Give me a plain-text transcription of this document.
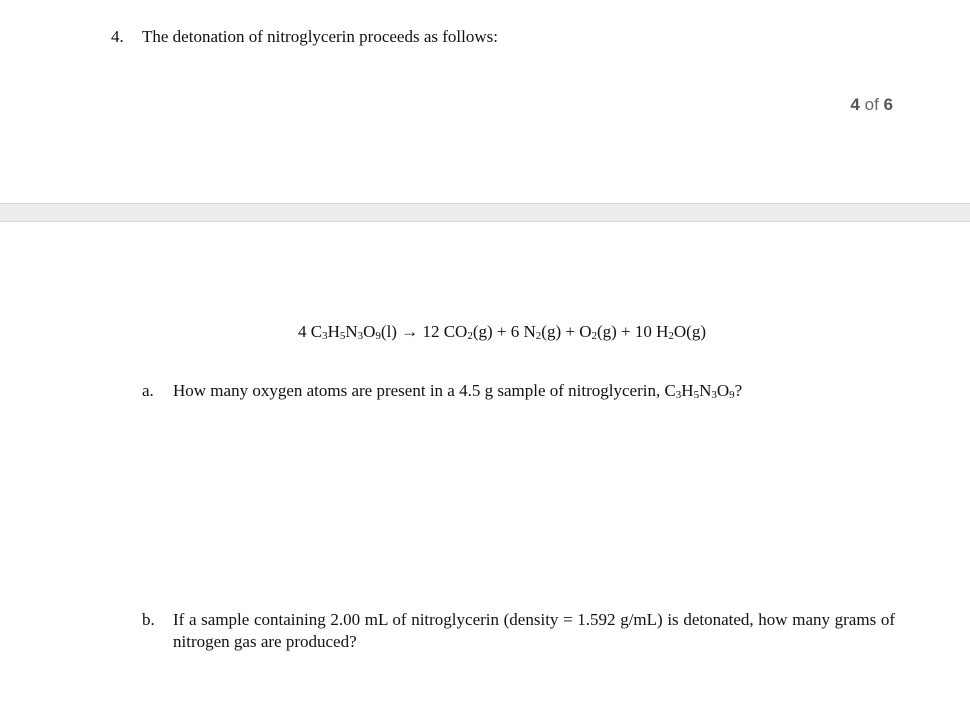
4. The detonation of nitroglycerin proceeds as follows:
4 of 6
4 $C_3H_5N_3O_9(l) \to 12$ $CO_2(g) + 6$ $N_2(g) + O_2(g) + 10$ $H_2O(g)$
a. How many oxygen atoms are present in a 4.5 g sample of nitroglycerin, $C_3H_5N_3O_9$?
b. If a sample containing 2.00 mL of nitroglycerin (density = 1.592 g/mL) is detonated, how many grams of nitrogen gas are produced?
